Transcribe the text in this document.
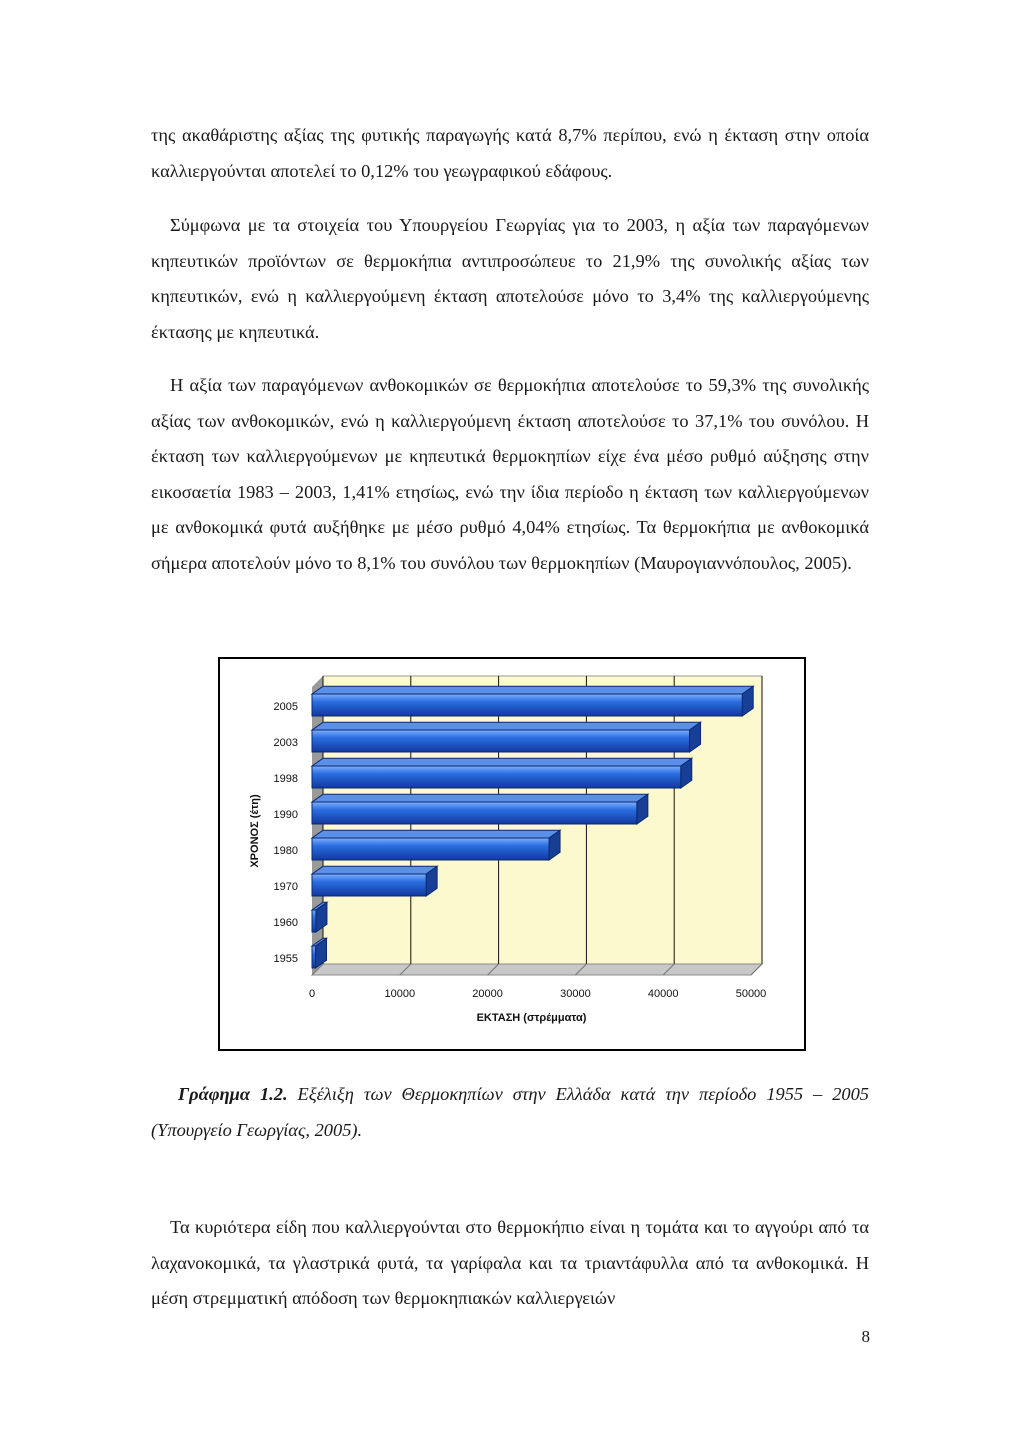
της ακαθάριστης αξίας της φυτικής παραγωγής κατά 8,7% περίπου, ενώ η έκταση στην οποία καλλιεργούνται αποτελεί το 0,12% του γεωγραφικού εδάφους.

Σύμφωνα με τα στοιχεία του Υπουργείου Γεωργίας για το 2003, η αξία των παραγόμενων κηπευτικών προϊόντων σε θερμοκήπια αντιπροσώπευε το 21,9% της συνολικής αξίας των κηπευτικών, ενώ η καλλιεργούμενη έκταση αποτελούσε μόνο το 3,4% της καλλιεργούμενης έκτασης με κηπευτικά.

Η αξία των παραγόμενων ανθοκομικών σε θερμοκήπια αποτελούσε το 59,3% της συνολικής αξίας των ανθοκομικών, ενώ η καλλιεργούμενη έκταση αποτελούσε το 37,1% του συνόλου. Η έκταση των καλλιεργούμενων με κηπευτικά θερμοκηπίων είχε ένα μέσο ρυθμό αύξησης στην εικοσαετία 1983 – 2003, 1,41% ετησίως, ενώ την ίδια περίοδο η έκταση των καλλιεργούμενων με ανθοκομικά φυτά αυξήθηκε με μέσο ρυθμό 4,04% ετησίως. Τα θερμοκήπια με ανθοκομικά σήμερα αποτελούν μόνο το 8,1% του συνόλου των θερμοκηπίων (Μαυρογιαννόπουλος, 2005).

1955
1960
1970
1980
1990
1998
2003
2005
0	10000	20000	30000	40000	50000
ΕΚΤΑΣΗ (στρέμματα)
ΧΡΟΝΟΣ (έτη)

Γράφημα 1.2. Εξέλιξη των Θερμοκηπίων στην Ελλάδα κατά την περίοδο 1955 – 2005 (Υπουργείο Γεωργίας, 2005).

Τα κυριότερα είδη που καλλιεργούνται στο θερμοκήπιο είναι η τομάτα και το αγγούρι από τα λαχανοκομικά, τα γλαστρικά φυτά, τα γαρίφαλα και τα τριαντάφυλλα από τα ανθοκομικά. Η μέση στρεμματική απόδοση των θερμοκηπιακών καλλιεργειών

8
